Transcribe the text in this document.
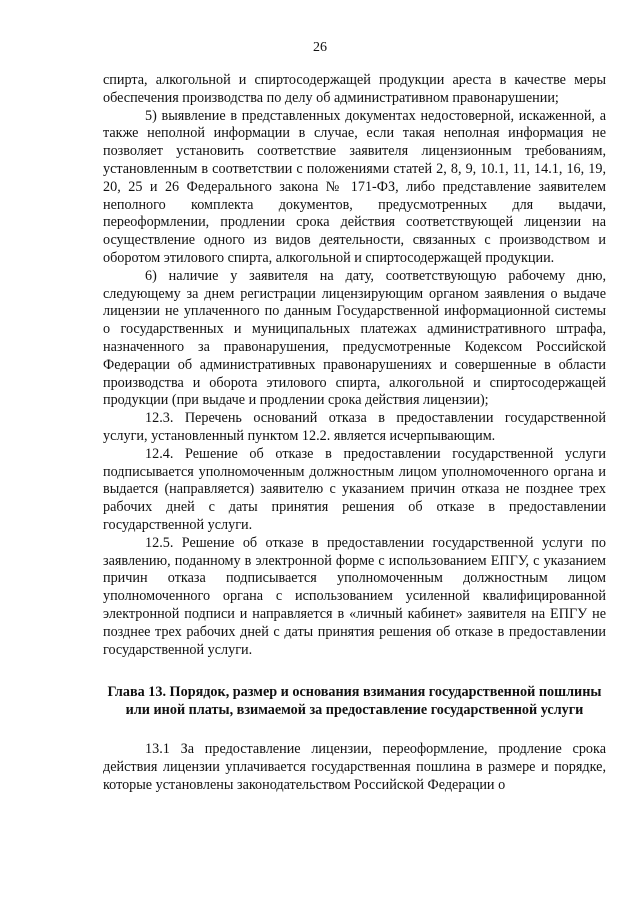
26

спирта, алкогольной и спиртосодержащей продукции ареста в качестве меры обеспечения производства по делу об административном правонарушении;

5) выявление в представленных документах недостоверной, искаженной, а также неполной информации в случае, если такая неполная информация не позволяет установить соответствие заявителя лицензионным требованиям, установленным в соответствии с положениями статей 2, 8, 9, 10.1, 11, 14.1, 16, 19, 20, 25 и 26 Федерального закона № 171-ФЗ, либо представление заявителем неполного комплекта документов, предусмотренных для выдачи, переоформлении, продлении срока действия соответствующей лицензии на осуществление одного из видов деятельности, связанных с производством и оборотом этилового спирта, алкогольной и спиртосодержащей продукции.

6) наличие у заявителя на дату, соответствующую рабочему дню, следующему за днем регистрации лицензирующим органом заявления о выдаче лицензии не уплаченного по данным Государственной информационной системы о государственных и муниципальных платежах административного штрафа, назначенного за правонарушения, предусмотренные Кодексом Российской Федерации об административных правонарушениях и совершенные в области производства и оборота этилового спирта, алкогольной и спиртосодержащей продукции (при выдаче и продлении срока действия лицензии);

12.3. Перечень оснований отказа в предоставлении государственной услуги, установленный пунктом 12.2. является исчерпывающим.

12.4. Решение об отказе в предоставлении государственной услуги подписывается уполномоченным должностным лицом уполномоченного органа и выдается (направляется) заявителю с указанием причин отказа не позднее трех рабочих дней с даты принятия решения об отказе в предоставлении государственной услуги.

12.5. Решение об отказе в предоставлении государственной услуги по заявлению, поданному в электронной форме с использованием ЕПГУ, с указанием причин отказа подписывается уполномоченным должностным лицом уполномоченного органа с использованием усиленной квалифицированной электронной подписи и направляется в «личный кабинет» заявителя на ЕПГУ не позднее трех рабочих дней с даты принятия решения об отказе в предоставлении государственной услуги.

Глава 13. Порядок, размер и основания взимания государственной пошлины или иной платы, взимаемой за предоставление государственной услуги

13.1 За предоставление лицензии, переоформление, продление срока действия лицензии уплачивается государственная пошлина в размере и порядке, которые установлены законодательством Российской Федерации о
